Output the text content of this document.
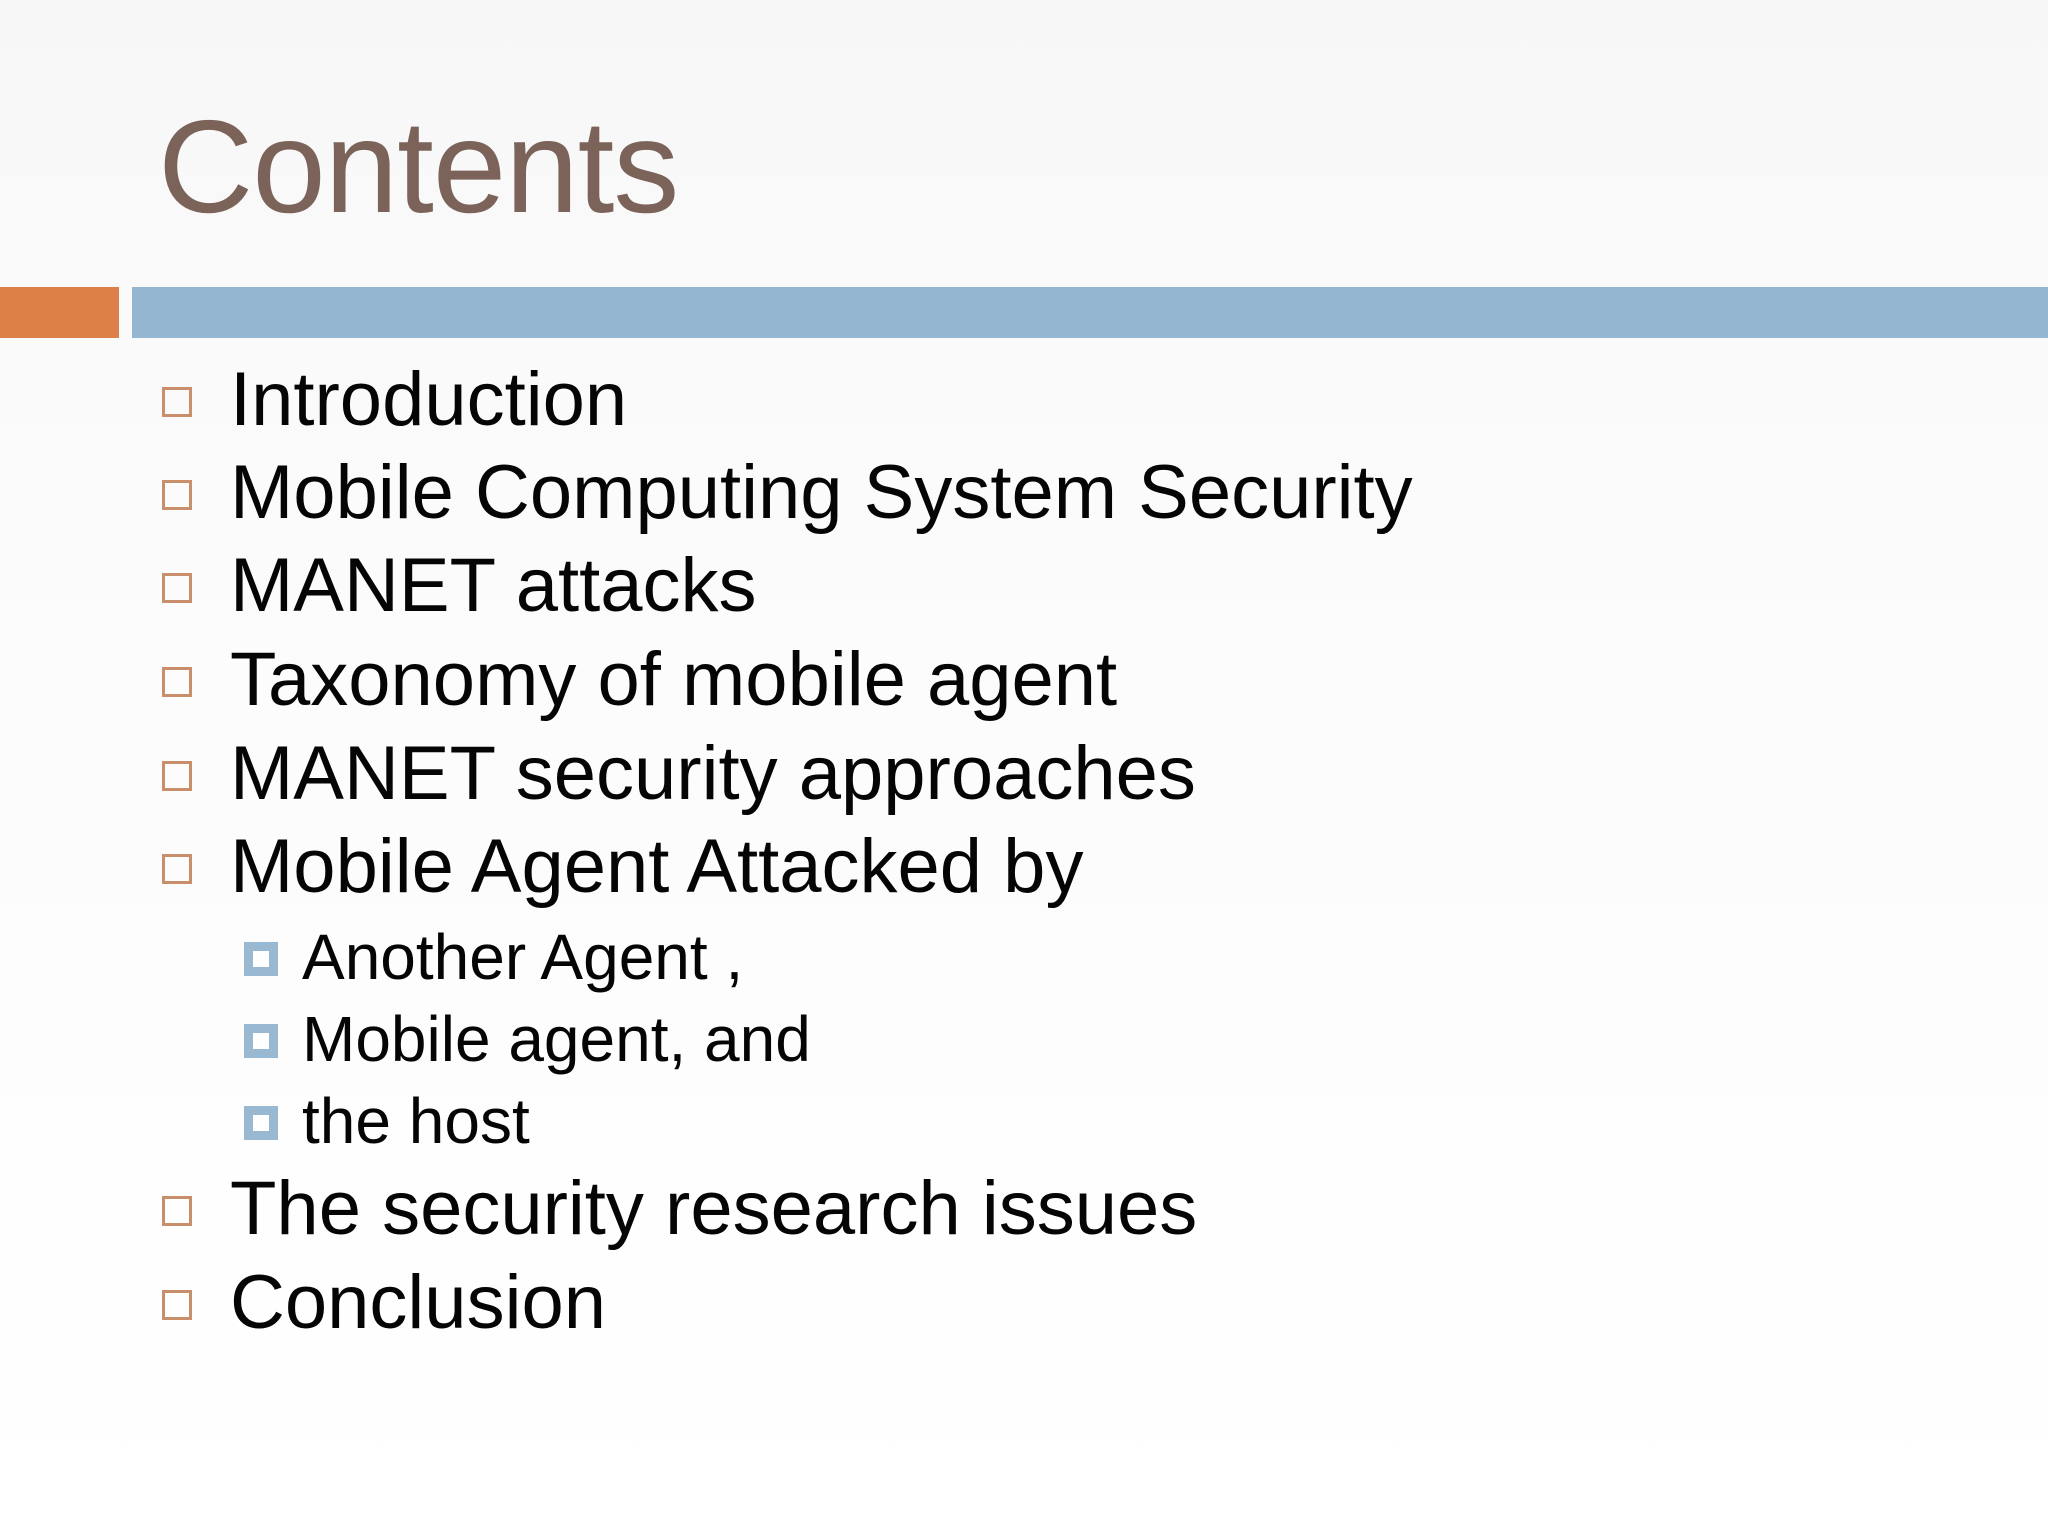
Contents
Introduction
Mobile Computing System Security
MANET attacks
Taxonomy of mobile agent
MANET security approaches
Mobile Agent Attacked by
Another Agent ,
Mobile agent, and
the host
The security research issues
Conclusion
